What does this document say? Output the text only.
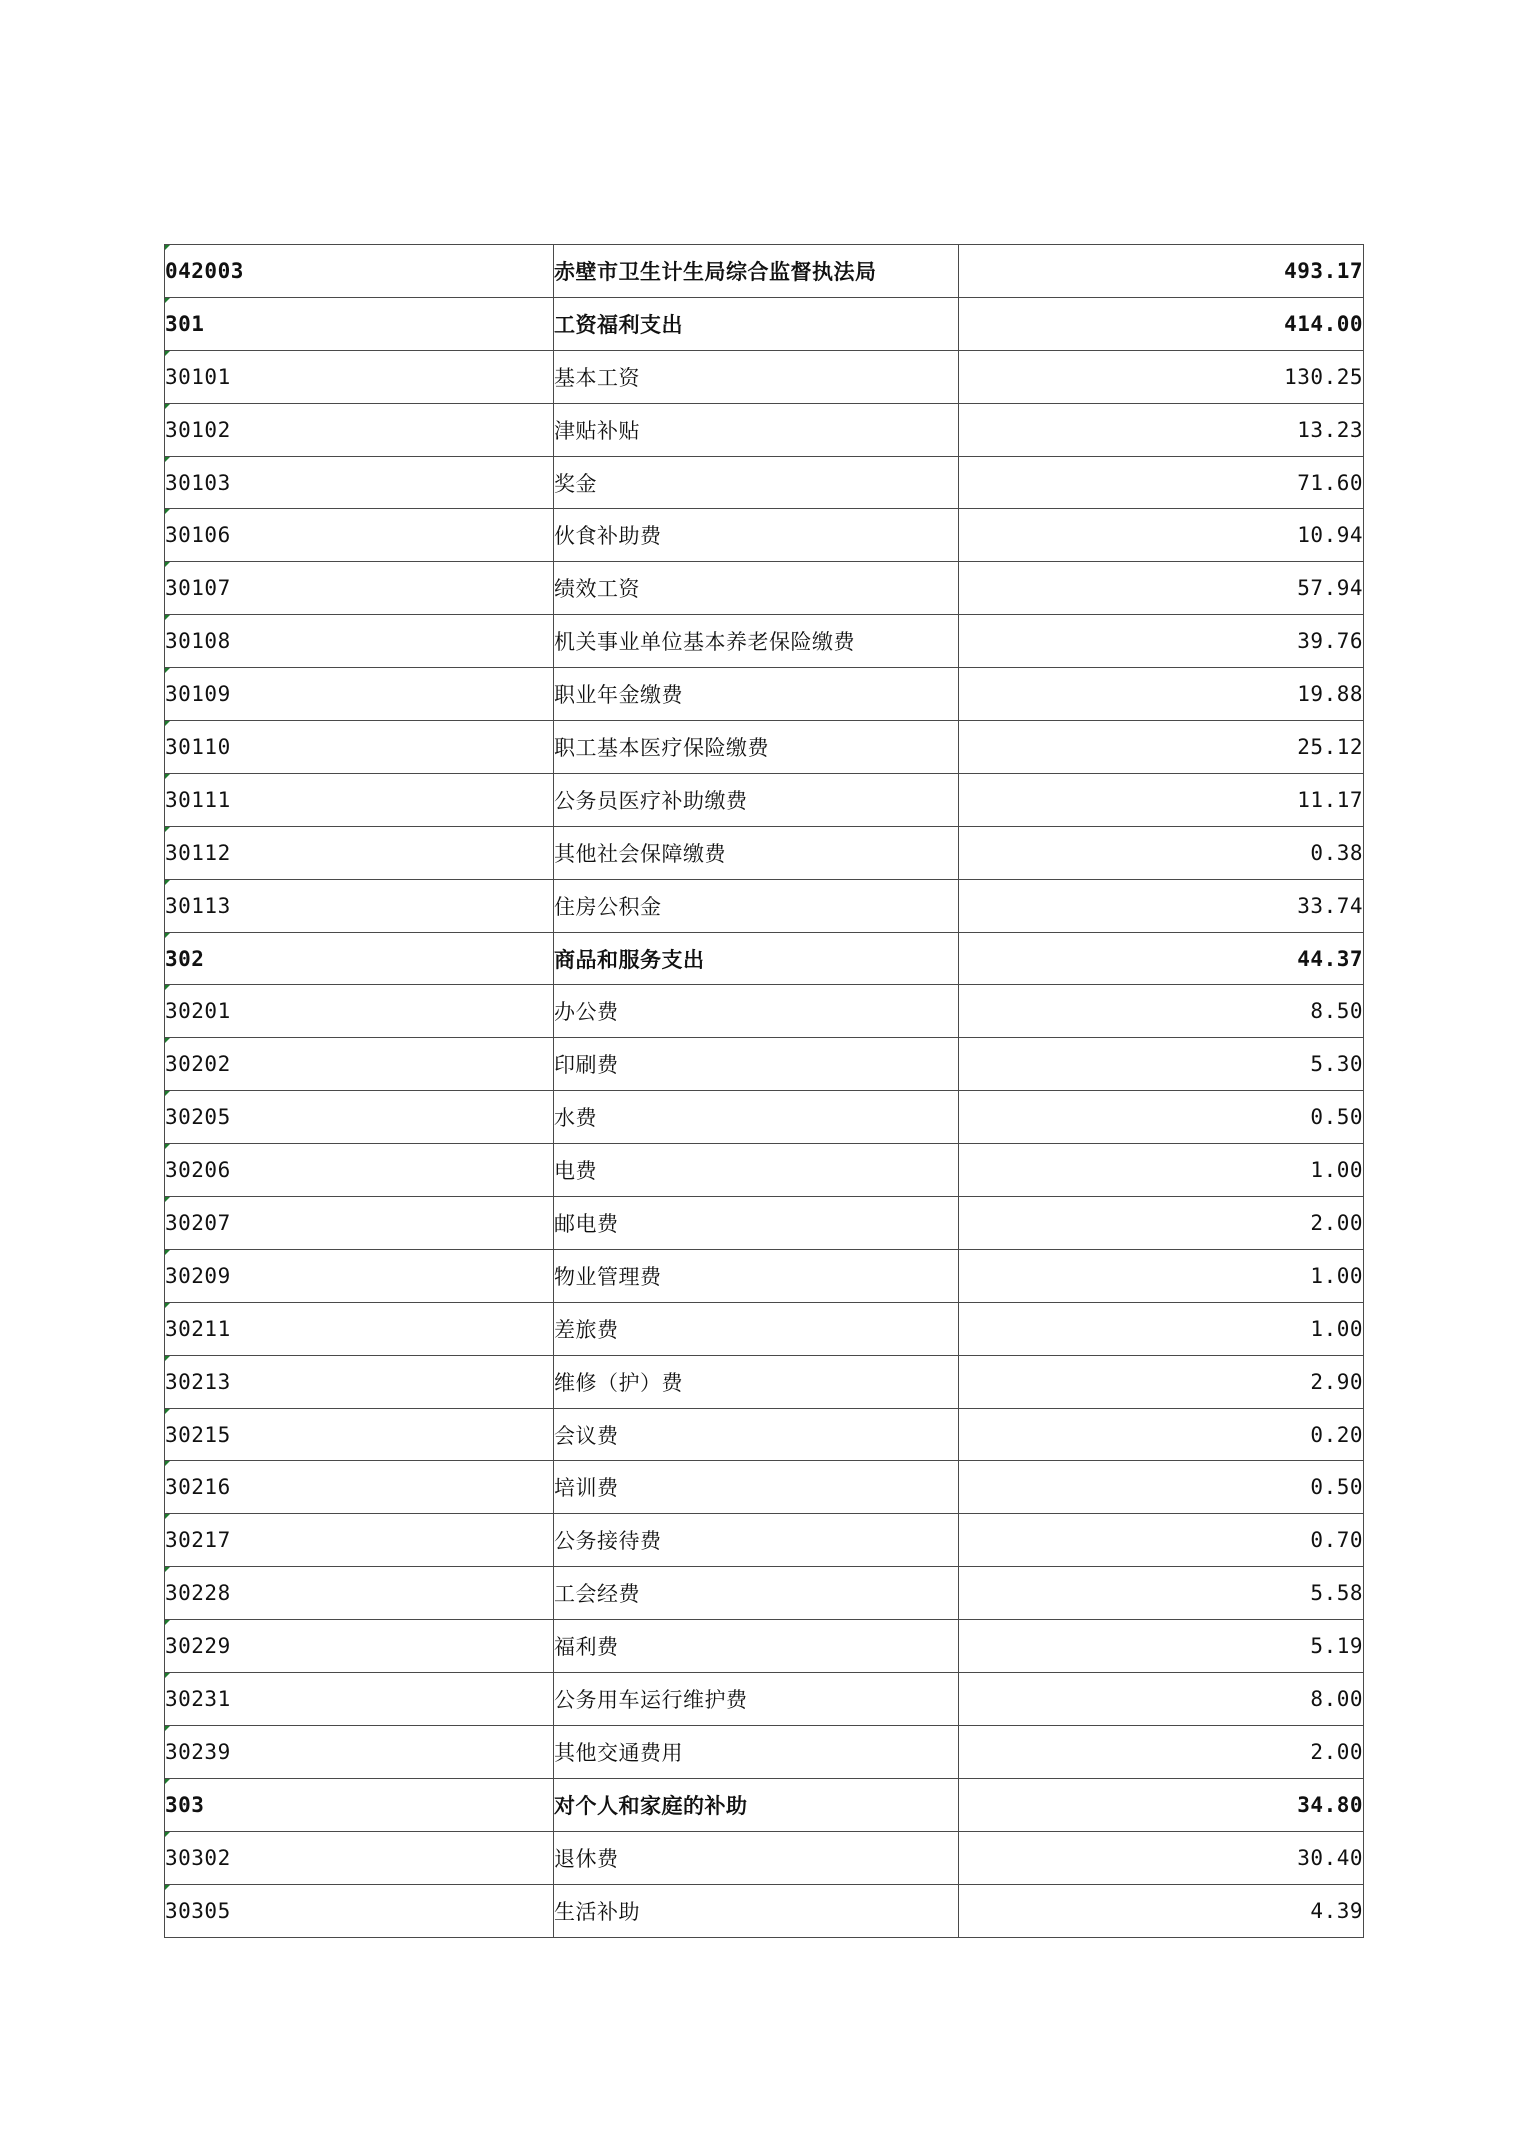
042003	赤壁市卫生计生局综合监督执法局	493.17
301	工资福利支出	414.00
30101	基本工资	130.25
30102	津贴补贴	13.23
30103	奖金	71.60
30106	伙食补助费	10.94
30107	绩效工资	57.94
30108	机关事业单位基本养老保险缴费	39.76
30109	职业年金缴费	19.88
30110	职工基本医疗保险缴费	25.12
30111	公务员医疗补助缴费	11.17
30112	其他社会保障缴费	0.38
30113	住房公积金	33.74
302	商品和服务支出	44.37
30201	办公费	8.50
30202	印刷费	5.30
30205	水费	0.50
30206	电费	1.00
30207	邮电费	2.00
30209	物业管理费	1.00
30211	差旅费	1.00
30213	维修（护）费	2.90
30215	会议费	0.20
30216	培训费	0.50
30217	公务接待费	0.70
30228	工会经费	5.58
30229	福利费	5.19
30231	公务用车运行维护费	8.00
30239	其他交通费用	2.00
303	对个人和家庭的补助	34.80
30302	退休费	30.40
30305	生活补助	4.39
